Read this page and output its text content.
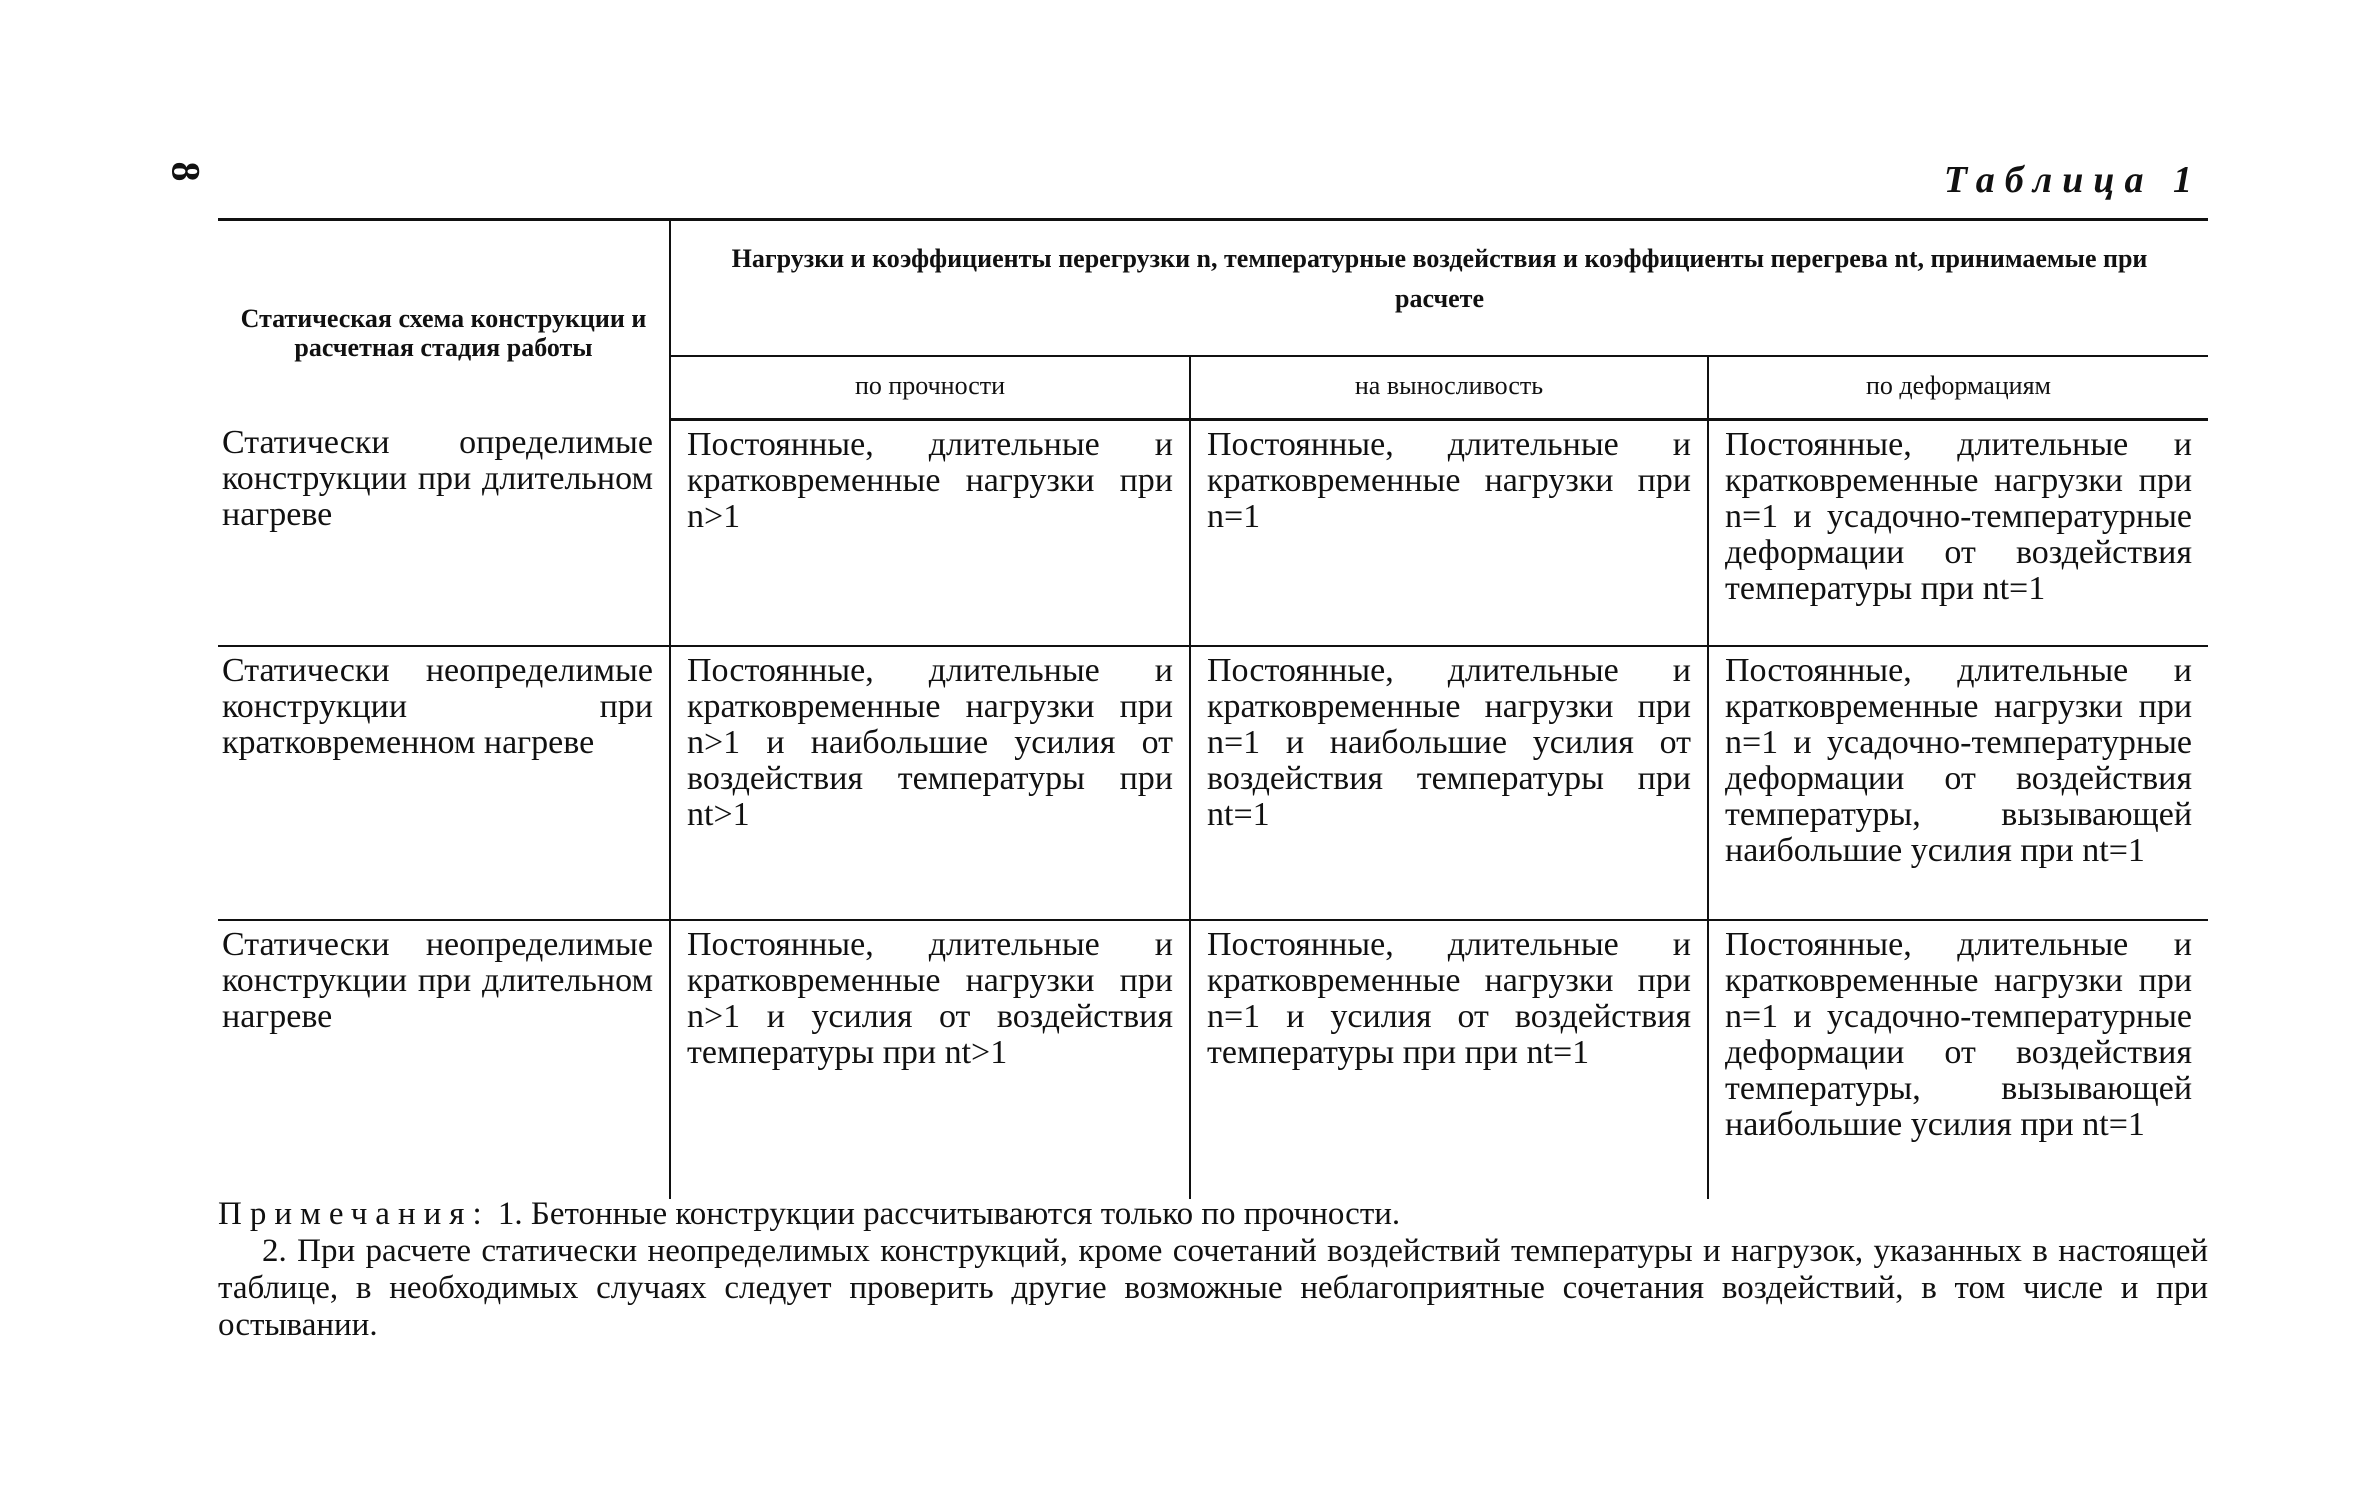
8	Таблица 1
Статическая схема конструкции и расчетная стадия работы	Нагрузки и коэффициенты перегрузки n, температурные воздействия и коэффициенты перегрева nt, принимаемые при расчете		
	по прочности	на выносливость	по деформациям
Статически определимые конструкции при длительном нагреве	Постоянные, длительные и кратковременные нагрузки при n>1	Постоянные, длительные и кратковременные нагрузки при n=1	Постоянные, длительные и кратковременные нагрузки при n=1 и усадочно-температурные деформации от воздействия температуры при nt=1
Статически неопределимые конструкции при кратковременном нагреве	Постоянные, длительные и кратковременные нагрузки при n>1 и наибольшие усилия от воздействия температуры при nt>1	Постоянные, длительные и кратковременные нагрузки при n=1 и наибольшие усилия от воздействия температуры при nt=1	Постоянные, длительные и кратковременные нагрузки при n=1 и усадочно-температурные деформации от воздействия температуры, вызывающей наибольшие усилия при nt=1
Статически неопределимые конструкции при длительном нагреве	Постоянные, длительные и кратковременные нагрузки при n>1 и усилия от воздействия температуры при nt>1	Постоянные, длительные и кратковременные нагрузки при n=1 и усилия от воздействия температуры при при nt=1	Постоянные, длительные и кратковременные нагрузки при n=1 и усадочно-температурные деформации от воздействия температуры, вызывающей наибольшие усилия при nt=1

Примечания: 1. Бетонные конструкции рассчитываются только по прочности.

2. При расчете статически неопределимых конструкций, кроме сочетаний воздействий температуры и нагрузок, указанных в настоящей таблице, в необходимых случаях следует проверить другие возможные неблагоприятные сочетания воздействий, в том числе и при остывании.
